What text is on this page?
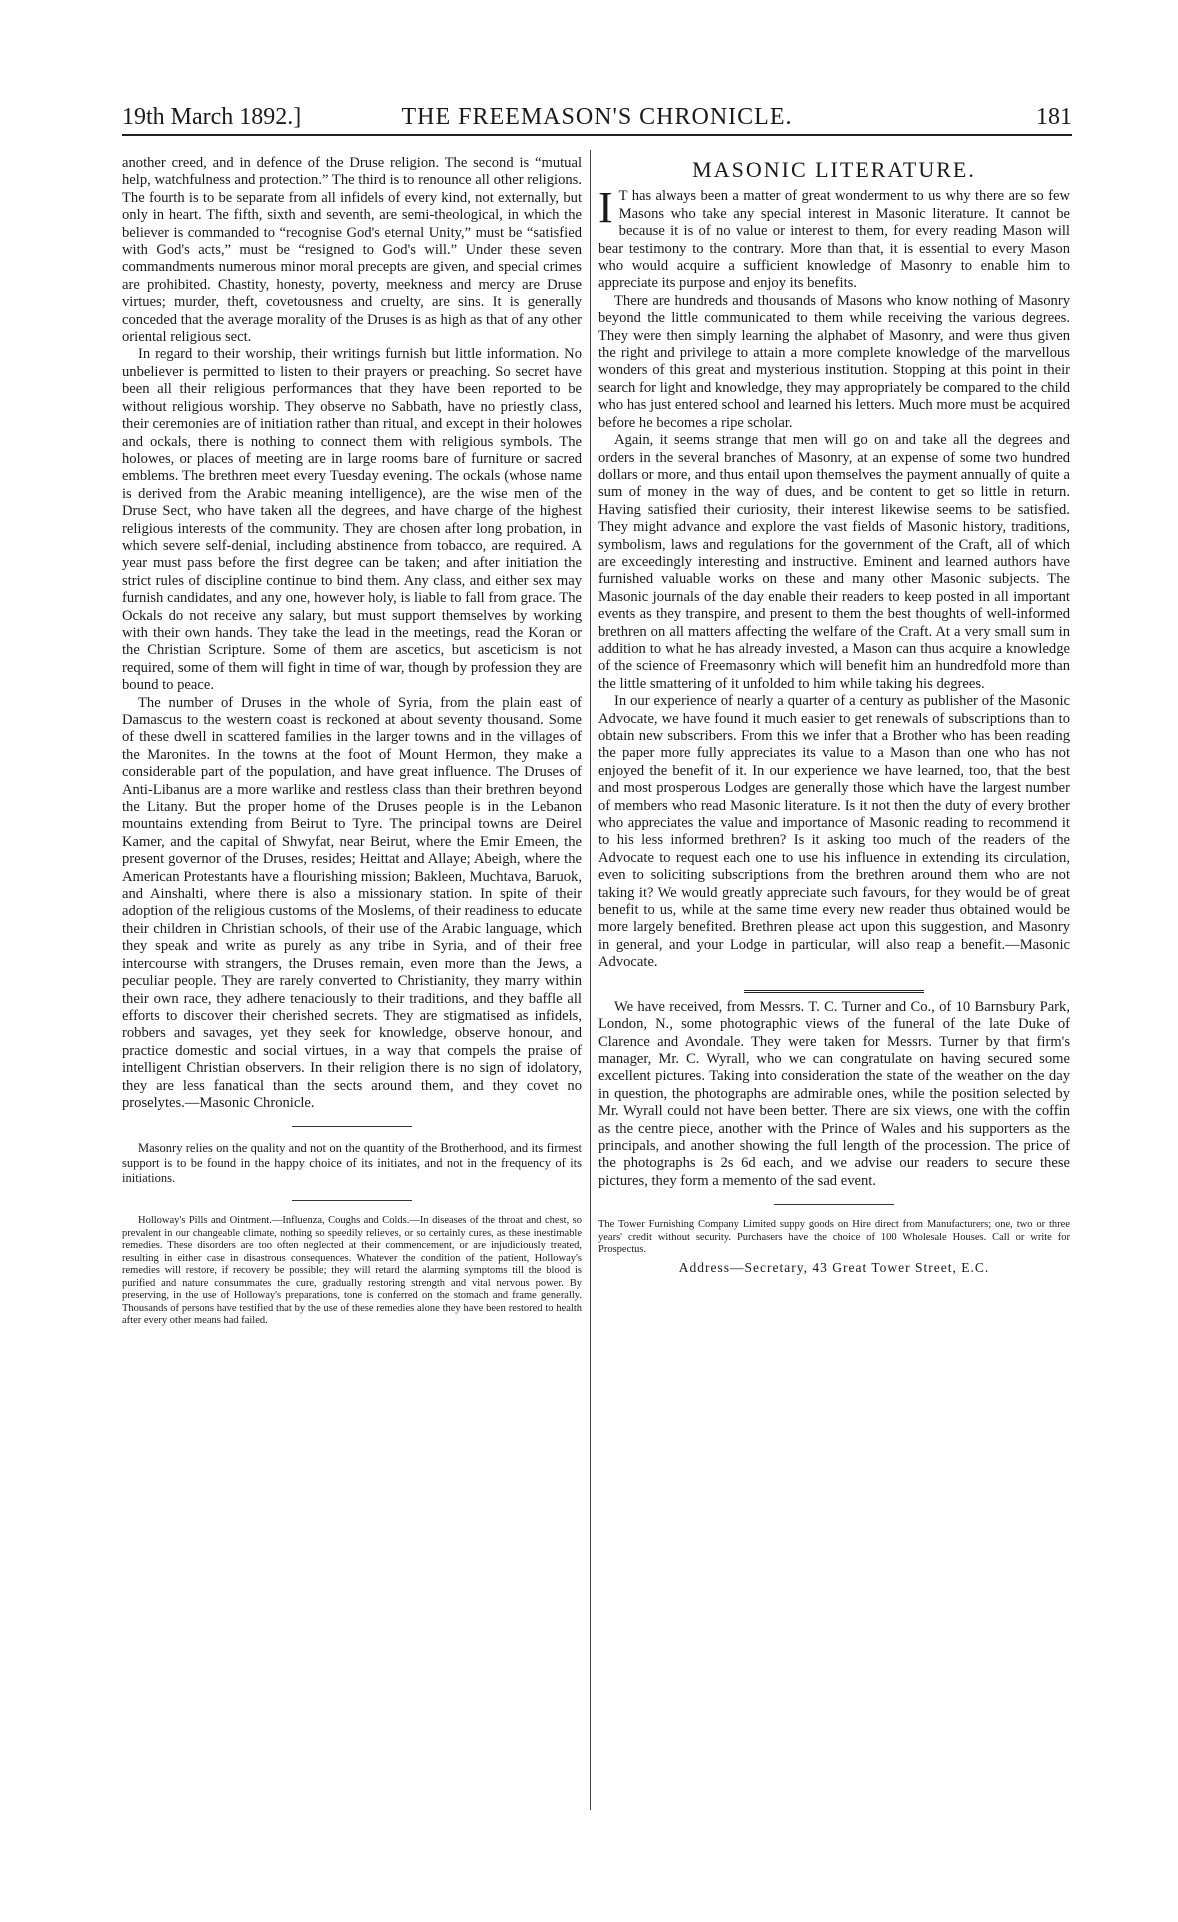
19th March 1892.]	THE FREEMASON'S CHRONICLE.	181

another creed, and in defence of the Druse religion. The second is “mutual help, watchfulness and protection.” The third is to renounce all other religions. The fourth is to be separate from all infidels of every kind, not externally, but only in heart. The fifth, sixth and seventh, are semi-theological, in which the believer is commanded to “recognise God's eternal Unity,” must be “satisfied with God's acts,” must be “resigned to God's will.” Under these seven commandments numerous minor moral precepts are given, and special crimes are prohibited. Chastity, honesty, poverty, meekness and mercy are Druse virtues; murder, theft, covetousness and cruelty, are sins. It is generally conceded that the average morality of the Druses is as high as that of any other oriental religious sect.

In regard to their worship, their writings furnish but little information. No unbeliever is permitted to listen to their prayers or preaching. So secret have been all their religious performances that they have been reported to be without religious worship. They observe no Sabbath, have no priestly class, their ceremonies are of initiation rather than ritual, and except in their holowes and ockals, there is nothing to connect them with religious symbols. The holowes, or places of meeting are in large rooms bare of furniture or sacred emblems. The brethren meet every Tuesday evening. The ockals (whose name is derived from the Arabic meaning intelligence), are the wise men of the Druse Sect, who have taken all the degrees, and have charge of the highest religious interests of the community. They are chosen after long probation, in which severe self-denial, including abstinence from tobacco, are required. A year must pass before the first degree can be taken; and after initiation the strict rules of discipline continue to bind them. Any class, and either sex may furnish candidates, and any one, however holy, is liable to fall from grace. The Ockals do not receive any salary, but must support themselves by working with their own hands. They take the lead in the meetings, read the Koran or the Christian Scripture. Some of them are ascetics, but asceticism is not required, some of them will fight in time of war, though by profession they are bound to peace.

The number of Druses in the whole of Syria, from the plain east of Damascus to the western coast is reckoned at about seventy thousand. Some of these dwell in scattered families in the larger towns and in the villages of the Maronites. In the towns at the foot of Mount Hermon, they make a considerable part of the population, and have great influence. The Druses of Anti-Libanus are a more warlike and restless class than their brethren beyond the Litany. But the proper home of the Druses people is in the Lebanon mountains extending from Beirut to Tyre. The principal towns are Deirel Kamer, and the capital of Shwyfat, near Beirut, where the Emir Emeen, the present governor of the Druses, resides; Heittat and Allaye; Abeigh, where the American Protestants have a flourishing mission; Bakleen, Muchtava, Baruok, and Ainshalti, where there is also a missionary station. In spite of their adoption of the religious customs of the Moslems, of their readiness to educate their children in Christian schools, of their use of the Arabic language, which they speak and write as purely as any tribe in Syria, and of their free intercourse with strangers, the Druses remain, even more than the Jews, a peculiar people. They are rarely converted to Christianity, they marry within their own race, they adhere tenaciously to their traditions, and they baffle all efforts to discover their cherished secrets. They are stigmatised as infidels, robbers and savages, yet they seek for knowledge, observe honour, and practice domestic and social virtues, in a way that compels the praise of intelligent Christian observers. In their religion there is no sign of idolatory, they are less fanatical than the sects around them, and they covet no proselytes.—Masonic Chronicle.

Masonry relies on the quality and not on the quantity of the Brotherhood, and its firmest support is to be found in the happy choice of its initiates, and not in the frequency of its initiations.

Holloway's Pills and Ointment.—Influenza, Coughs and Colds.—In diseases of the throat and chest, so prevalent in our changeable climate, nothing so speedily relieves, or so certainly cures, as these inestimable remedies. These disorders are too often neglected at their commencement, or are injudiciously treated, resulting in either case in disastrous consequences. Whatever the condition of the patient, Holloway's remedies will restore, if recovery be possible; they will retard the alarming symptoms till the blood is purified and nature consummates the cure, gradually restoring strength and vital nervous power. By preserving, in the use of Holloway's preparations, tone is conferred on the stomach and frame generally. Thousands of persons have testified that by the use of these remedies alone they have been restored to health after every other means had failed.

MASONIC LITERATURE.

I T has always been a matter of great wonderment to us why there are so few Masons who take any special interest in Masonic literature. It cannot be because it is of no value or interest to them, for every reading Mason will bear testimony to the contrary. More than that, it is essential to every Mason who would acquire a sufficient knowledge of Masonry to enable him to appreciate its purpose and enjoy its benefits.

There are hundreds and thousands of Masons who know nothing of Masonry beyond the little communicated to them while receiving the various degrees. They were then simply learning the alphabet of Masonry, and were thus given the right and privilege to attain a more complete knowledge of the marvellous wonders of this great and mysterious institution. Stopping at this point in their search for light and knowledge, they may appropriately be compared to the child who has just entered school and learned his letters. Much more must be acquired before he becomes a ripe scholar.

Again, it seems strange that men will go on and take all the degrees and orders in the several branches of Masonry, at an expense of some two hundred dollars or more, and thus entail upon themselves the payment annually of quite a sum of money in the way of dues, and be content to get so little in return. Having satisfied their curiosity, their interest likewise seems to be satisfied. They might advance and explore the vast fields of Masonic history, traditions, symbolism, laws and regulations for the government of the Craft, all of which are exceedingly interesting and instructive. Eminent and learned authors have furnished valuable works on these and many other Masonic subjects. The Masonic journals of the day enable their readers to keep posted in all important events as they transpire, and present to them the best thoughts of well-informed brethren on all matters affecting the welfare of the Craft. At a very small sum in addition to what he has already invested, a Mason can thus acquire a knowledge of the science of Freemasonry which will benefit him an hundredfold more than the little smattering of it unfolded to him while taking his degrees.

In our experience of nearly a quarter of a century as publisher of the Masonic Advocate, we have found it much easier to get renewals of subscriptions than to obtain new subscribers. From this we infer that a Brother who has been reading the paper more fully appreciates its value to a Mason than one who has not enjoyed the benefit of it. In our experience we have learned, too, that the best and most prosperous Lodges are generally those which have the largest number of members who read Masonic literature. Is it not then the duty of every brother who appreciates the value and importance of Masonic reading to recommend it to his less informed brethren? Is it asking too much of the readers of the Advocate to request each one to use his influence in extending its circulation, even to soliciting subscriptions from the brethren around them who are not taking it? We would greatly appreciate such favours, for they would be of great benefit to us, while at the same time every new reader thus obtained would be more largely benefited. Brethren please act upon this suggestion, and Masonry in general, and your Lodge in particular, will also reap a benefit.—Masonic Advocate.

We have received, from Messrs. T. C. Turner and Co., of 10 Barnsbury Park, London, N., some photographic views of the funeral of the late Duke of Clarence and Avondale. They were taken for Messrs. Turner by that firm's manager, Mr. C. Wyrall, who we can congratulate on having secured some excellent pictures. Taking into consideration the state of the weather on the day in question, the photographs are admirable ones, while the position selected by Mr. Wyrall could not have been better. There are six views, one with the coffin as the centre piece, another with the Prince of Wales and his supporters as the principals, and another showing the full length of the procession. The price of the photographs is 2s 6d each, and we advise our readers to secure these pictures, they form a memento of the sad event.

The Tower Furnishing Company Limited suppy goods on Hire direct from Manufacturers; one, two or three years' credit without security. Purchasers have the choice of 100 Wholesale Houses. Call or write for Prospectus.

Address—Secretary, 43 Great Tower Street, E.C.
